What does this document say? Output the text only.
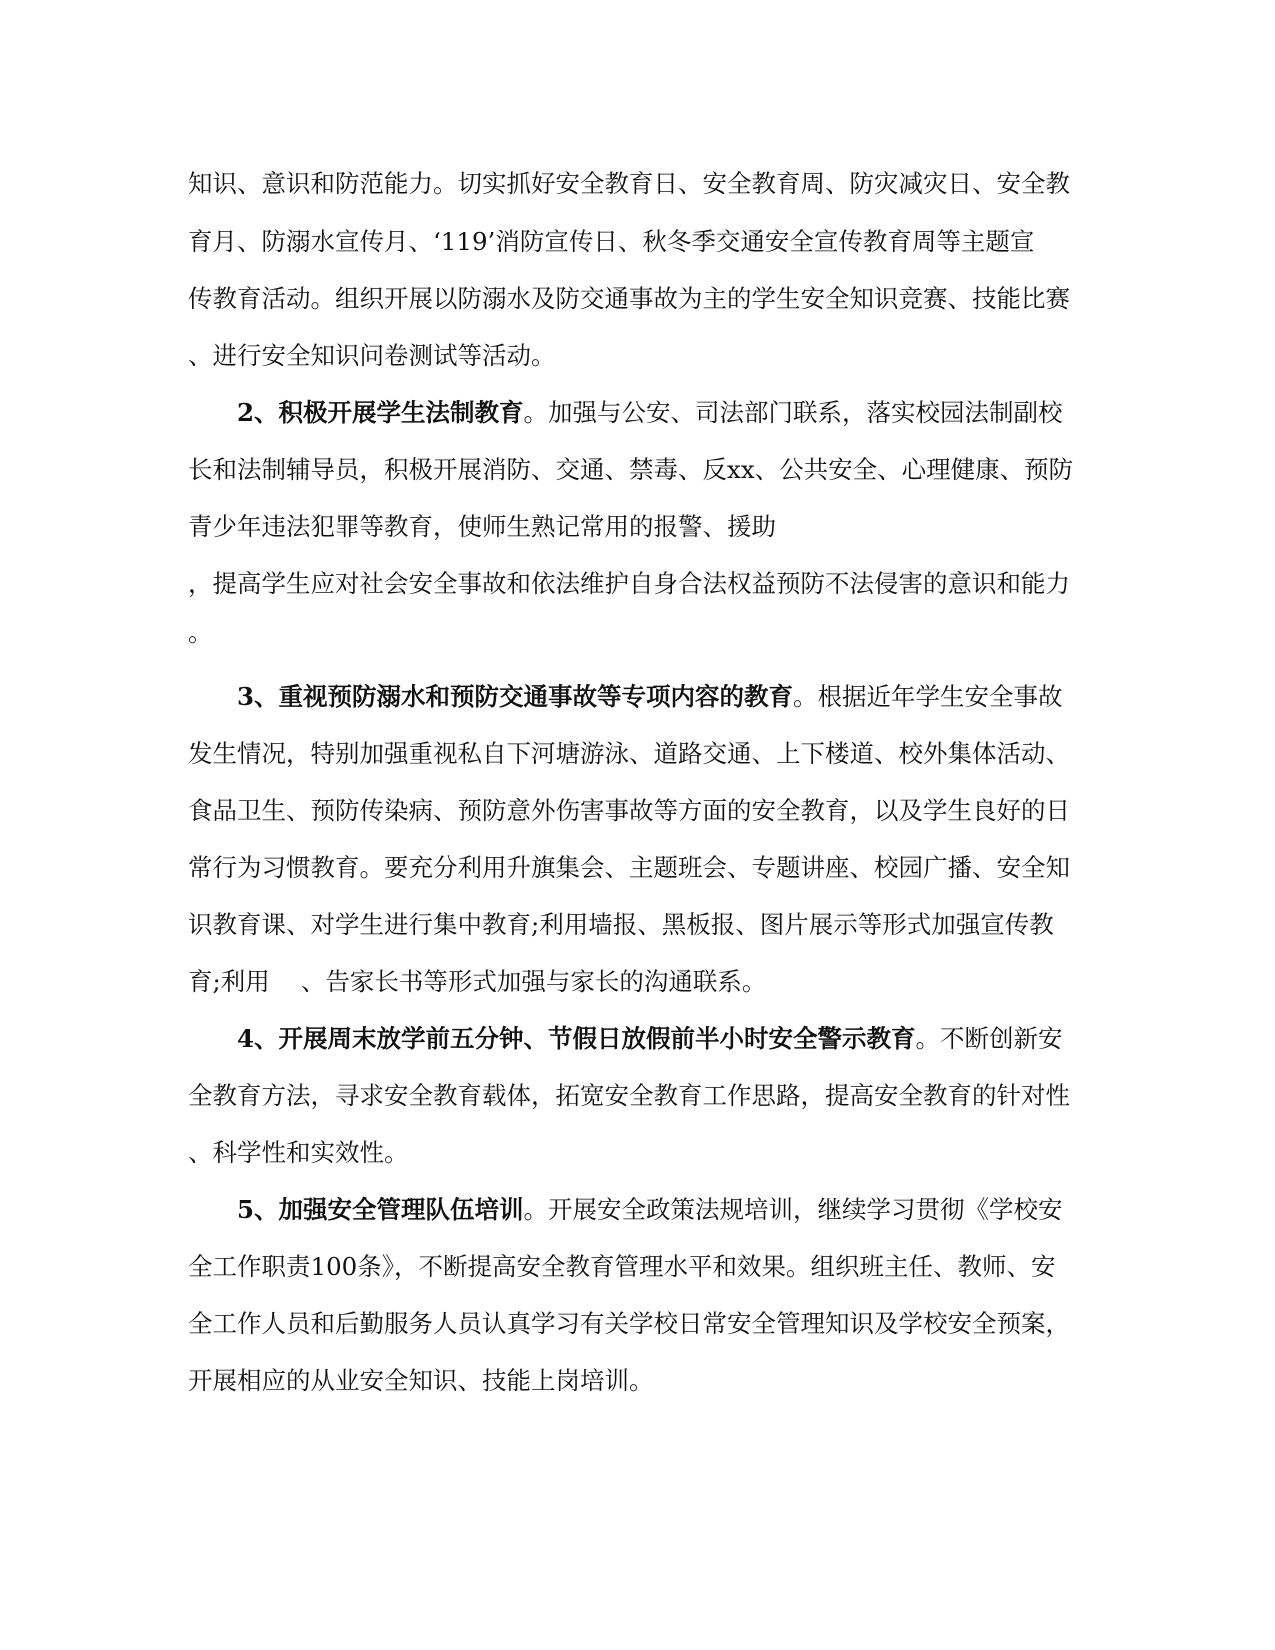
知识、意识和防范能力。切实抓好安全教育日、安全教育周、防灾减灾日、安全教
育月、防溺水宣传月、‘119’消防宣传日、秋冬季交通安全宣传教育周等主题宣
传教育活动。组织开展以防溺水及防交通事故为主的学生安全知识竞赛、技能比赛
、进行安全知识问卷测试等活动。
2、积极开展学生法制教育。加强与公安、司法部门联系，落实校园法制副校
长和法制辅导员，积极开展消防、交通、禁毒、反xx、公共安全、心理健康、预防
青少年违法犯罪等教育，使师生熟记常用的报警、援助
，提高学生应对社会安全事故和依法维护自身合法权益预防不法侵害的意识和能力
。
3、重视预防溺水和预防交通事故等专项内容的教育。根据近年学生安全事故
发生情况，特别加强重视私自下河塘游泳、道路交通、上下楼道、校外集体活动、
食品卫生、预防传染病、预防意外伤害事故等方面的安全教育，以及学生良好的日
常行为习惯教育。要充分利用升旗集会、主题班会、专题讲座、校园广播、安全知
识教育课、对学生进行集中教育;利用墙报、黑板报、图片展示等形式加强宣传教
育;利用    、告家长书等形式加强与家长的沟通联系。
4、开展周末放学前五分钟、节假日放假前半小时安全警示教育。不断创新安
全教育方法，寻求安全教育载体，拓宽安全教育工作思路，提高安全教育的针对性
、科学性和实效性。
5、加强安全管理队伍培训。开展安全政策法规培训，继续学习贯彻《学校安
全工作职责100条》，不断提高安全教育管理水平和效果。组织班主任、教师、安
全工作人员和后勤服务人员认真学习有关学校日常安全管理知识及学校安全预案，
开展相应的从业安全知识、技能上岗培训。
